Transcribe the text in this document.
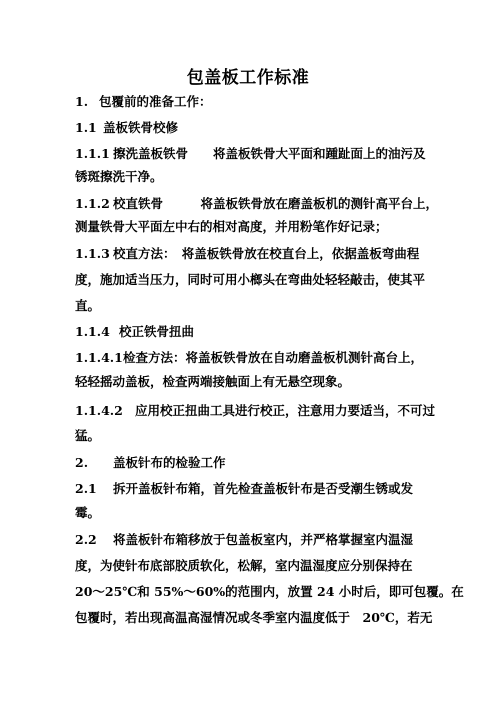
包盖板工作标准
1. 包覆前的准备工作：
1.1 盖板铁骨校修
1.1.1 擦洗盖板铁骨　　将盖板铁骨大平面和踵趾面上的油污及
锈斑擦洗干净。
1.1.2 校直铁骨　　　将盖板铁骨放在磨盖板机的测针高平台上，
测量铁骨大平面左中右的相对高度，并用粉笔作好记录；
1.1.3 校直方法：　将盖板铁骨放在校直台上，依据盖板弯曲程
度，施加适当压力，同时可用小榔头在弯曲处轻轻敲击，使其平
直。
1.1.4 校正铁骨扭曲
1.1.4.1检查方法：将盖板铁骨放在自动磨盖板机测针高台上，
轻轻摇动盖板，检查两端接触面上有无悬空现象。
1.1.4.2 应用校正扭曲工具进行校正，注意用力要适当，不可过
猛。
2. 盖板针布的检验工作
2.1 拆开盖板针布箱，首先检查盖板针布是否受潮生锈或发
霉。
2.2 将盖板针布箱移放于包盖板室内，并严格掌握室内温湿
度，为使针布底部胶质软化，松解，室内温湿度应分别保持在
20～25℃和 55%～60%的范围内，放置 24 小时后，即可包覆。在
包覆时，若出现高温高湿情况或冬季室内温度低于　20℃，若无
